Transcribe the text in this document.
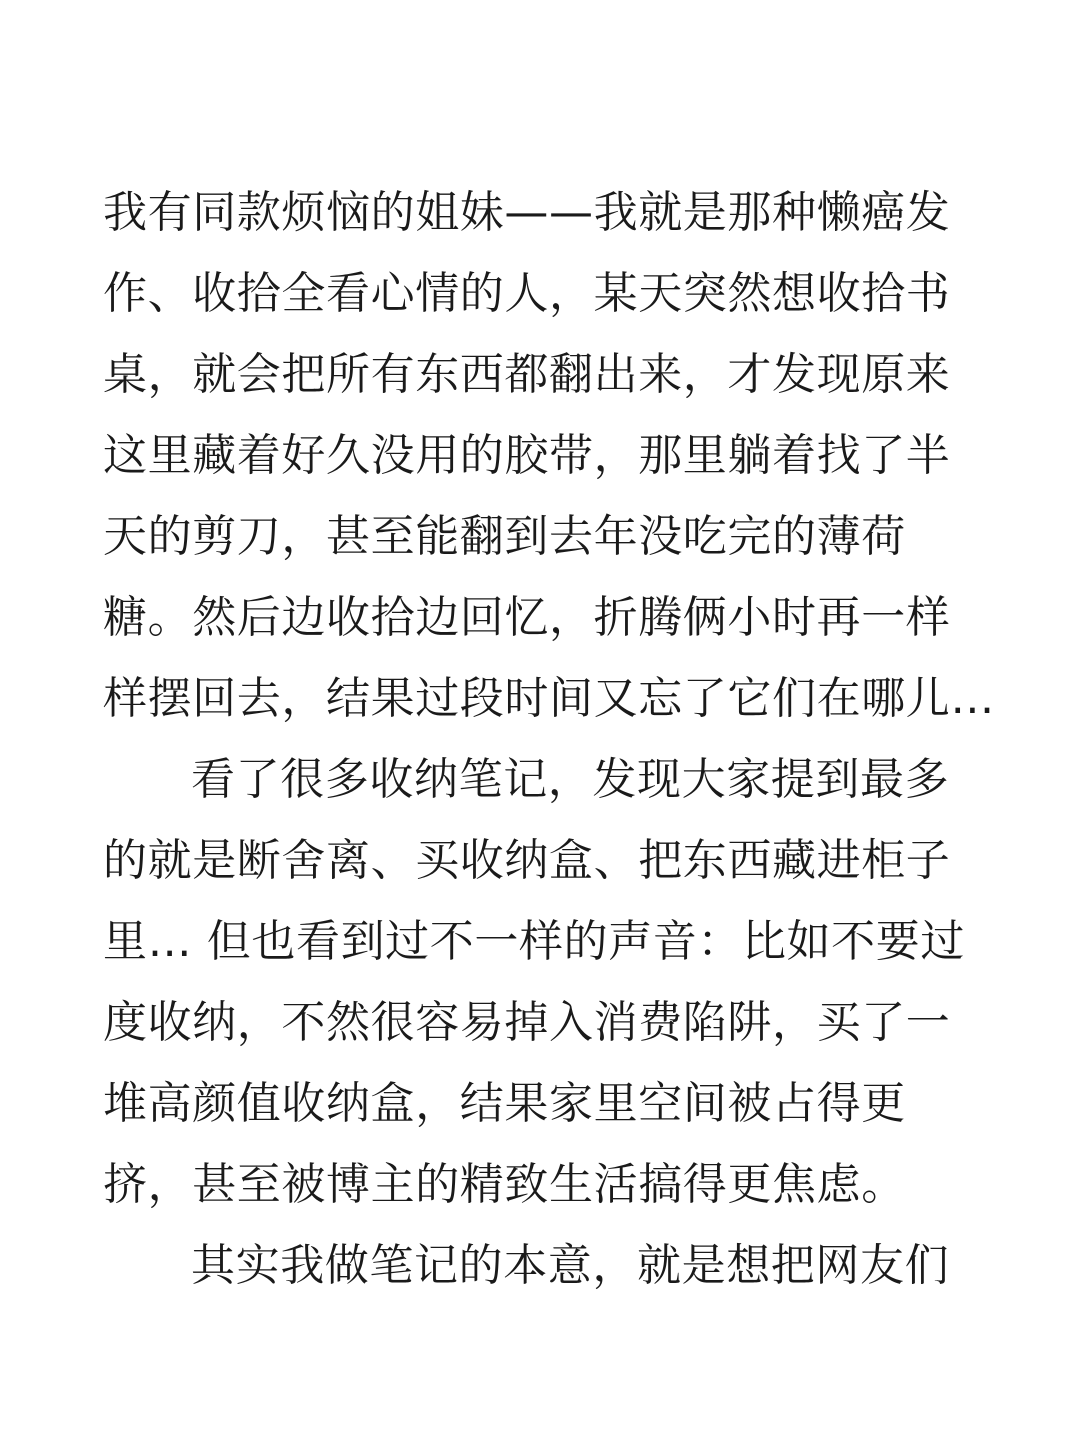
我有同款烦恼的姐妹——我就是那种懒癌发
作、收拾全看心情的人，某天突然想收拾书
桌，就会把所有东西都翻出来，才发现原来
这里藏着好久没用的胶带，那里躺着找了半
天的剪刀，甚至能翻到去年没吃完的薄荷
糖。然后边收拾边回忆，折腾俩小时再一样
样摆回去，结果过段时间又忘了它们在哪儿…
看了很多收纳笔记，发现大家提到最多
的就是断舍离、买收纳盒、把东西藏进柜子
里… 但也看到过不一样的声音：比如不要过
度收纳，不然很容易掉入消费陷阱，买了一
堆高颜值收纳盒，结果家里空间被占得更
挤，甚至被博主的精致生活搞得更焦虑。
其实我做笔记的本意，就是想把网友们
